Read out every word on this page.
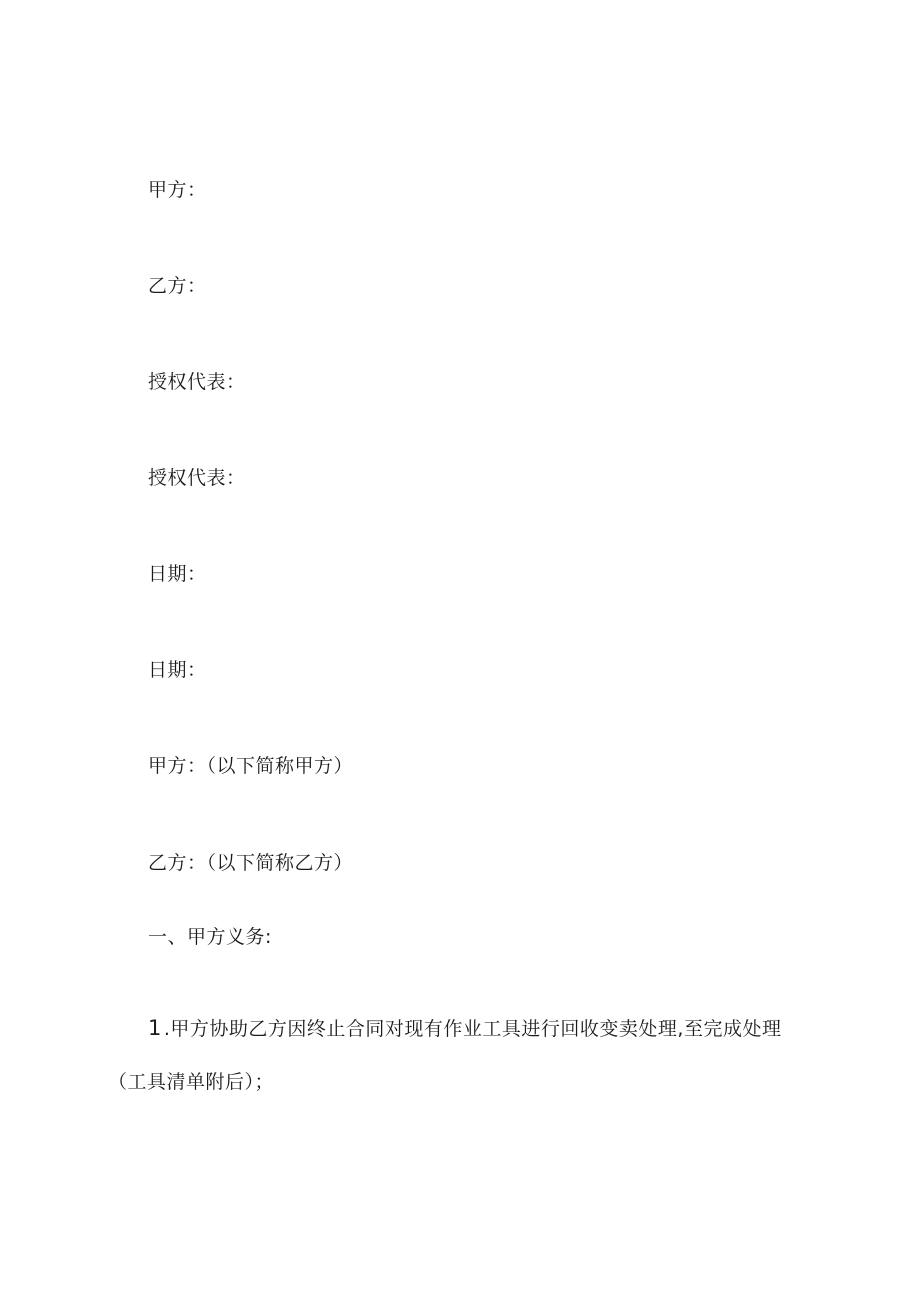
甲方：
乙方：
授权代表：
授权代表：
日期：
日期：
甲方：（以下简称甲方）
乙方：（以下简称乙方）
一、甲方义务:
1 .甲方协助乙方因终止合同对现有作业工具进行回收变卖处理,至完成处理
（工具清单附后）；
